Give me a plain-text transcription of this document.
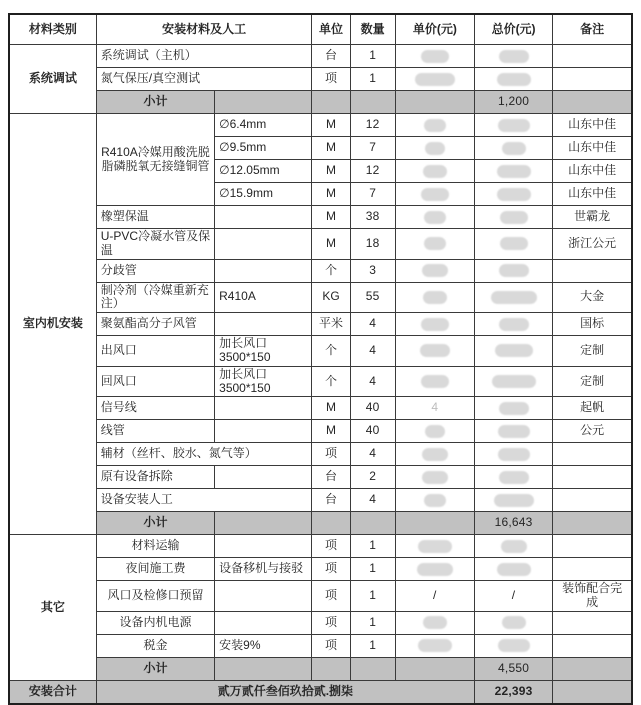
材料类别	安装材料及人工		单位	数量	单价(元)	总价(元)	备注
系统调试	系统调试（主机）		台	1	

	氮气保压/真空测试		项	1	

	小计					1,200	
室内机安装	R410A冷媒用酸洗脱脂磷脱氧无接缝铜管	∅6.4mm	M	12			山东中佳
		∅9.5mm	M	7			山东中佳
		∅12.05mm	M	12			山东中佳
		∅15.9mm	M	7			山东中佳
	橡塑保温		M	38			世霸龙
	U-PVC冷凝水管及保温		M	18			浙江公元
	分歧管		个	3	

	制冷剂（冷媒重新充注）	R410A	KG	55			大金
	聚氨酯高分子风管		平米	4			国标
	出风口	加长风口 3500*150	个	4			定制
	回风口	加长风口 3500*150	个	4			定制
	信号线		M	40	4		起帆
	线管		M	40			公元
	辅材（丝杆、胶水、氮气等）		项	4	

	原有设备拆除		台	2	

	设备安装人工		台	4	

	小计					16,643	
其它	材料运输		项	1	

	夜间施工费	设备移机与接驳	项	1	

	风口及检修口预留		项	1	/	/	装饰配合完成
	设备内机电源		项	1	

	税金	安装9%	项	1	

	小计					4,550	
安装合计	贰万贰仟叁佰玖拾贰.捌柒					22,393	
